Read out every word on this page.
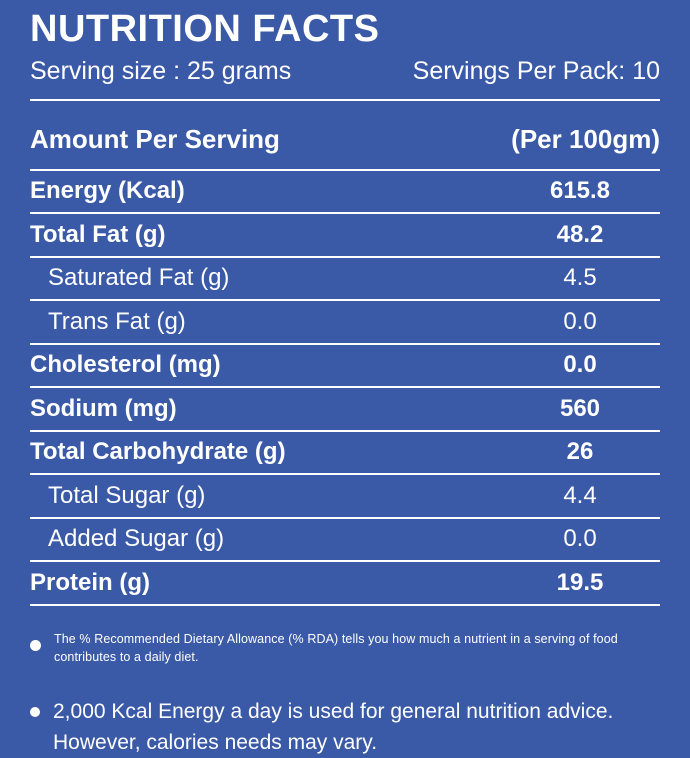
NUTRITION FACTS
Serving size : 25 grams	Servings Per Pack: 10
Amount Per Serving	(Per 100gm)
Energy (Kcal)	615.8
Total Fat (g)	48.2
Saturated Fat (g)	4.5
Trans Fat (g)	0.0
Cholesterol (mg)	0.0
Sodium (mg)	560
Total Carbohydrate (g)	26
Total Sugar (g)	4.4
Added Sugar (g)	0.0
Protein (g)	19.5
The % Recommended Dietary Allowance (% RDA) tells you how much a nutrient in a serving of food contributes to a daily diet.
2,000 Kcal Energy a day is used for general nutrition advice. However, calories needs may vary.
